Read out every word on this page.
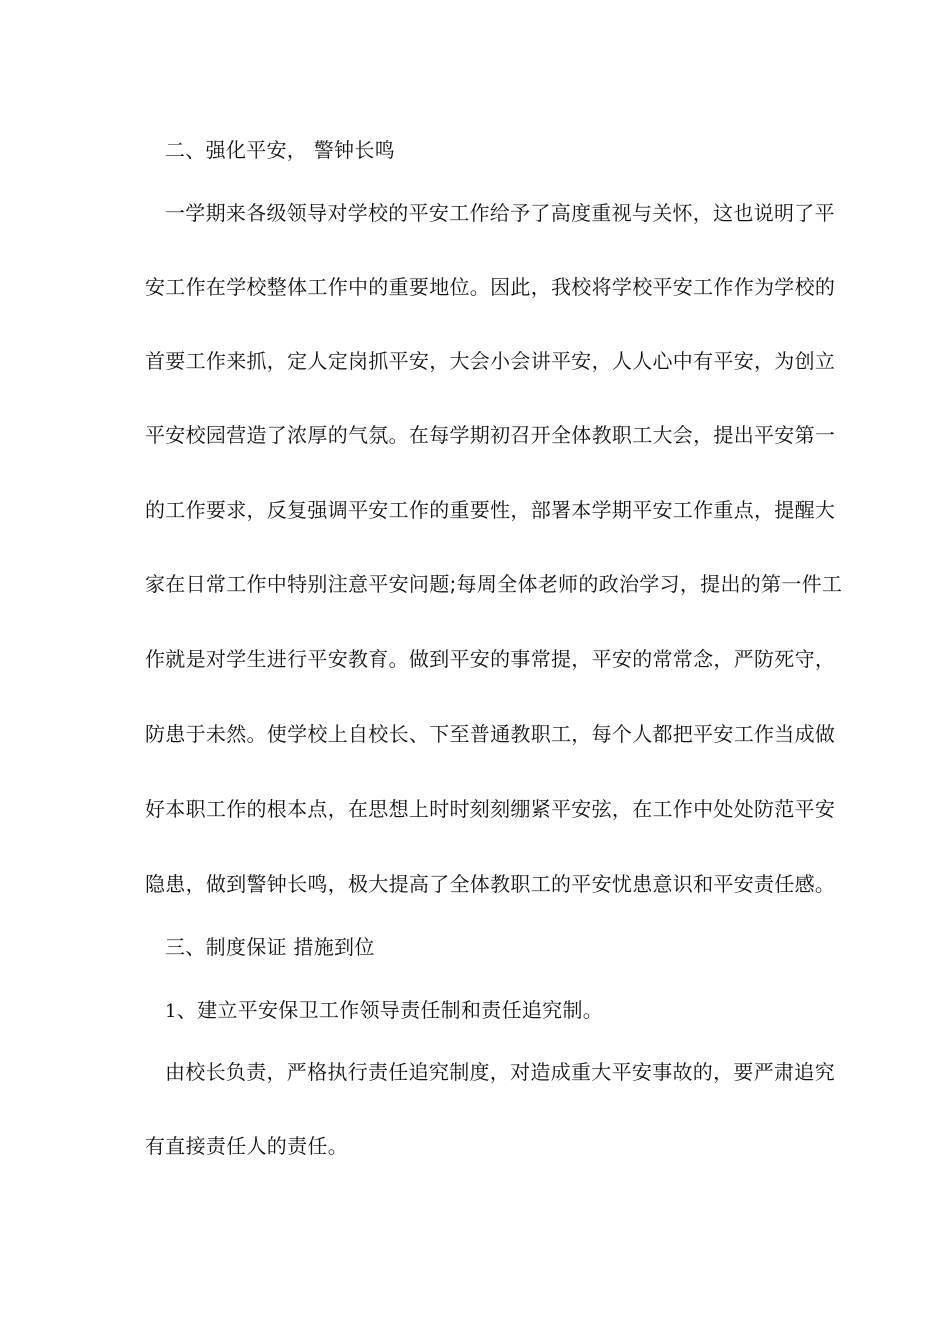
二、强化平安， 警钟长鸣
一学期来各级领导对学校的平安工作给予了高度重视与关怀，这也说明了平
安工作在学校整体工作中的重要地位。因此，我校将学校平安工作作为学校的
首要工作来抓，定人定岗抓平安，大会小会讲平安，人人心中有平安，为创立
平安校园营造了浓厚的气氛。在每学期初召开全体教职工大会，提出平安第一
的工作要求，反复强调平安工作的重要性，部署本学期平安工作重点，提醒大
家在日常工作中特别注意平安问题;每周全体老师的政治学习，提出的第一件工
作就是对学生进行平安教育。做到平安的事常提，平安的常常念，严防死守，
防患于未然。使学校上自校长、下至普通教职工，每个人都把平安工作当成做
好本职工作的根本点，在思想上时时刻刻绷紧平安弦，在工作中处处防范平安
隐患，做到警钟长鸣，极大提高了全体教职工的平安忧患意识和平安责任感。
三、制度保证 措施到位
1、建立平安保卫工作领导责任制和责任追究制。
由校长负责，严格执行责任追究制度，对造成重大平安事故的，要严肃追究
有直接责任人的责任。
